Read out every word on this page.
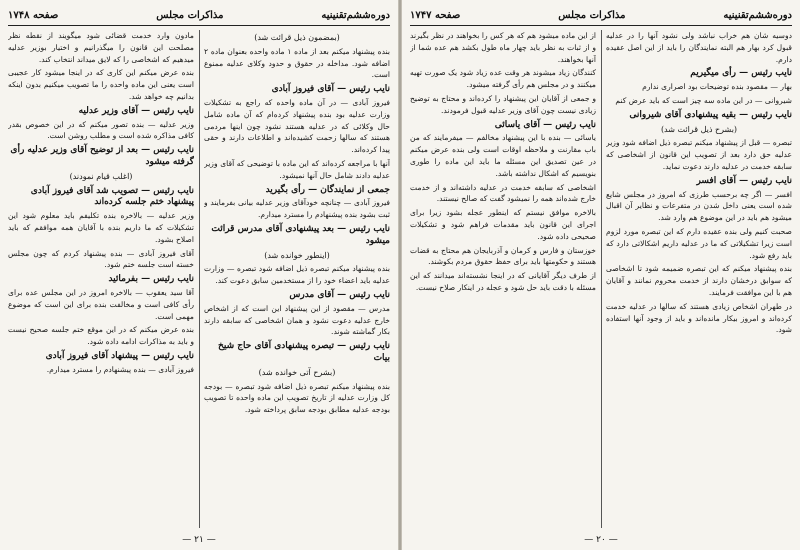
دوره‌ششم‌تقنینیه
مذاکرات مجلس
صفحه ۱۷۴۸

(بمضمون ذیل قرائت شد)

بنده پیشنهاد میکنم بعد از ماده ۱ ماده واحده بعنوان ماده ۲ اضافه شود. مداخله در حقوق و حدود وکلای عدلیه ممنوع است.

نایب رئیس — آقای فیروز آبادی

فیروز آبادی — در آن ماده واحده که راجع به تشکیلات وزارت عدلیه بود بنده پیشنهاد کرده‌ام که آن ماده شامل حال وکلائی که در عدلیه هستند نشود چون اینها مردمی هستند که سالها زحمت کشیده‌اند و اطلاعات دارند و حقی پیدا کرده‌اند.

آنها با مراجعه کرده‌اند که این ماده با توضیحی که آقای وزیر عدلیه دادند شامل حال آنها نمیشود.

جمعی از نمایندگان — رأی بگیرید

فیروز آبادی — چنانچه خودآقای وزیر عدلیه بیانی بفرمایند و ثبت بشود بنده پیشنهادم را مسترد میدارم.

نایب رئیس — بعد پیشنهادی آقای مدرس قرائت میشود

(اینطور خوانده شد)

بنده پیشنهاد میکنم تبصره ذیل اضافه شود تبصره — وزارت عدلیه باید اعضاء خود را از مستخدمین سابق دعوت کند.

نایب رئیس — آقای مدرس

مدرس — مقصود از این پیشنهاد این است که از اشخاص خارج عدلیه دعوت نشود و همان اشخاصی که سابقه دارند بکار گماشته شوند.

نایب رئیس — تبصره پیشنهادی آقای حاج شیخ بیات

(بشرح آتی خوانده شد)

بنده پیشنهاد میکنم تبصره ذیل اضافه شود تبصره — بودجه کل وزارت عدلیه از تاریخ تصویب این ماده واحده تا تصویب بودجه عدلیه مطابق بودجه سابق پرداخته شود.

مادون وارد خدمت قضائی شود میگویند از نقطه نظر مصلحت این قانون را میگذرانیم و اختیار بوزیر عدلیه میدهیم که اشخاصی را که لایق میداند انتخاب کند.

بنده عرض میکنم این کاری که در اینجا میشود کار عجیبی است یعنی این ماده واحده را ما تصویب میکنیم بدون اینکه بدانیم چه خواهد شد.

نایب رئیس — آقای وزیر عدلیه

وزیر عدلیه — بنده تصور میکنم که در این خصوص بقدر کافی مذاکره شده است و مطلب روشن است.

نایب رئیس — بعد از توضیح آقای وزیر عدلیه رأی گرفته میشود

(اغلب قیام نمودند)

نایب رئیس — تصویب شد آقای فیروز آبادی پیشنهاد ختم جلسه کرده‌اند

وزیر عدلیه — بالاخره بنده تکلیفم باید معلوم شود این تشکیلات که ما داریم بنده با آقایان همه موافقم که باید اصلاح بشود.

آقای فیروز آبادی — بنده پیشنهاد کردم که چون مجلس خسته است جلسه ختم شود.

نایب رئیس — بفرمائید

آقا سید یعقوب — بالاخره امروز در این مجلس عده برای رأی کافی است و مخالفت بنده برای این است که موضوع مهمی است.

بنده عرض میکنم که در این موقع ختم جلسه صحیح نیست و باید به مذاکرات ادامه داده شود.

نایب رئیس — پیشنهاد آقای فیروز آبادی

فیروز آبادی — بنده پیشنهادم را مسترد میدارم.

— ۲۱ —
دوره‌ششم‌تقنینیه
مذاکرات مجلس
صفحه ۱۷۴۷

دوسیه شان هم خراب نباشد ولی نشود آنها را در عدلیه قبول کرد بهار هم البته نمایندگان را باید از این اصل عقیده دارم.

نایب رئیس — رأی میگیریم

بهار — مقصود بنده توضیحات بود اصراری ندارم

شیروانی — در این ماده سه چیز است که باید عرض کنم

نایب رئیس — بقیه پیشنهادی آقای شیروانی

(بشرح ذیل قرائت شد)

تبصره — قبل از پیشنهاد میکنم تبصره ذیل اضافه شود وزیر عدلیه حق دارد بعد از تصویب این قانون از اشخاصی که سابقه خدمت در عدلیه دارند دعوت نماید.

نایب رئیس — آقای افسر

افسر — اگر چه برحسب طرزی که امروز در مجلس شایع شده است یعنی داخل شدن در متفرعات و نظایر آن اقبال میشود هم باید در این موضوع هم وارد شد.

صحبت کنیم ولی بنده عقیده دارم که این تبصره مورد لزوم است زیرا تشکیلاتی که ما در عدلیه داریم اشکالاتی دارد که باید رفع شود.

بنده پیشنهاد میکنم که این تبصره ضمیمه شود تا اشخاصی که سوابق درخشان دارند از خدمت محروم نمانند و آقایان هم با این موافقت فرمایند.

در طهران اشخاص زیادی هستند که سالها در عدلیه خدمت کرده‌اند و امروز بیکار مانده‌اند و باید از وجود آنها استفاده شود.

از این ماده میشود هم که هر کس را بخواهند در نظر بگیرند و از ثبات به نظر باید چهار ماه طول بکشد هم عده شما از آنها بخواهند.

کنندگان زیاد میشوند هر وقت عده زیاد شود یک صورت تهیه میکنند و در مجلس هم رأی گرفته میشود.

و جمعی از آقایان این پیشنهاد را کرده‌اند و محتاج به توضیح زیادی نیست چون آقای وزیر عدلیه قبول فرمودند.

نایب رئیس — آقای یاسائی

یاسائی — بنده با این پیشنهاد مخالفم — میفرمایند که من باب مقارنت و ملاحظه اوقات است ولی بنده عرض میکنم در عین تصدیق این مسئله ما باید این ماده را طوری بنویسیم که اشکال نداشته باشد.

اشخاصی که سابقه خدمت در عدلیه داشته‌اند و از خدمت خارج شده‌اند همه را نمیشود گفت که صالح نیستند.

بالاخره موافق نیستم که اینطور عجله بشود زیرا برای اجرای این قانون باید مقدمات فراهم شود و تشکیلات صحیحی داده شود.

خوزستان و فارس و کرمان و آذربایجان هم محتاج به قضات هستند و حکومتها باید برای حفظ حقوق مردم بکوشند.

از طرف دیگر آقایانی که در اینجا نشسته‌اند میدانند که این مسئله با دقت باید حل شود و عجله در اینکار صلاح نیست.

— ۲۰ —
